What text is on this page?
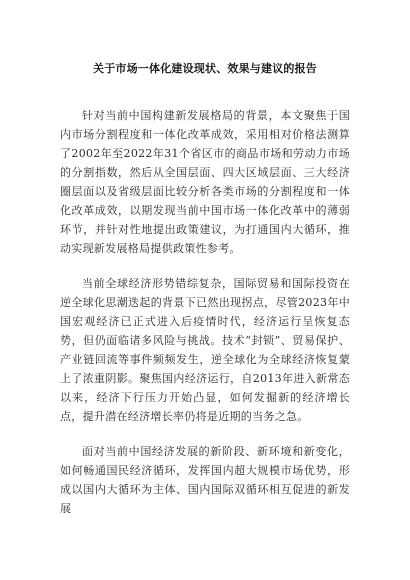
关于市场一体化建设现状、效果与建议的报告

针对当前中国构建新发展格局的背景，本文聚焦于国内市场分割程度和一体化改革成效，采用相对价格法测算了2002年至2022年31个省区市的商品市场和劳动力市场的分割指数，然后从全国层面、四大区域层面、三大经济圈层面以及省级层面比较分析各类市场的分割程度和一体化改革成效，以期发现当前中国市场一体化改革中的薄弱环节，并针对性地提出政策建议，为打通国内大循环，推动实现新发展格局提供政策性参考。

当前全球经济形势错综复杂，国际贸易和国际投资在逆全球化思潮迭起的背景下已然出现拐点，尽管2023年中国宏观经济已正式进入后疫情时代，经济运行呈恢复态势，但仍面临诸多风险与挑战。技术“封锁”、贸易保护、产业链回流等事件频频发生，逆全球化为全球经济恢复蒙上了浓重阴影。聚焦国内经济运行，自2013年进入新常态以来，经济下行压力开始凸显，如何发掘新的经济增长点，提升潜在经济增长率仍将是近期的当务之急。

面对当前中国经济发展的新阶段、新环境和新变化，如何畅通国民经济循环，发挥国内超大规模市场优势，形成以国内大循环为主体、国内国际双循环相互促进的新发展
